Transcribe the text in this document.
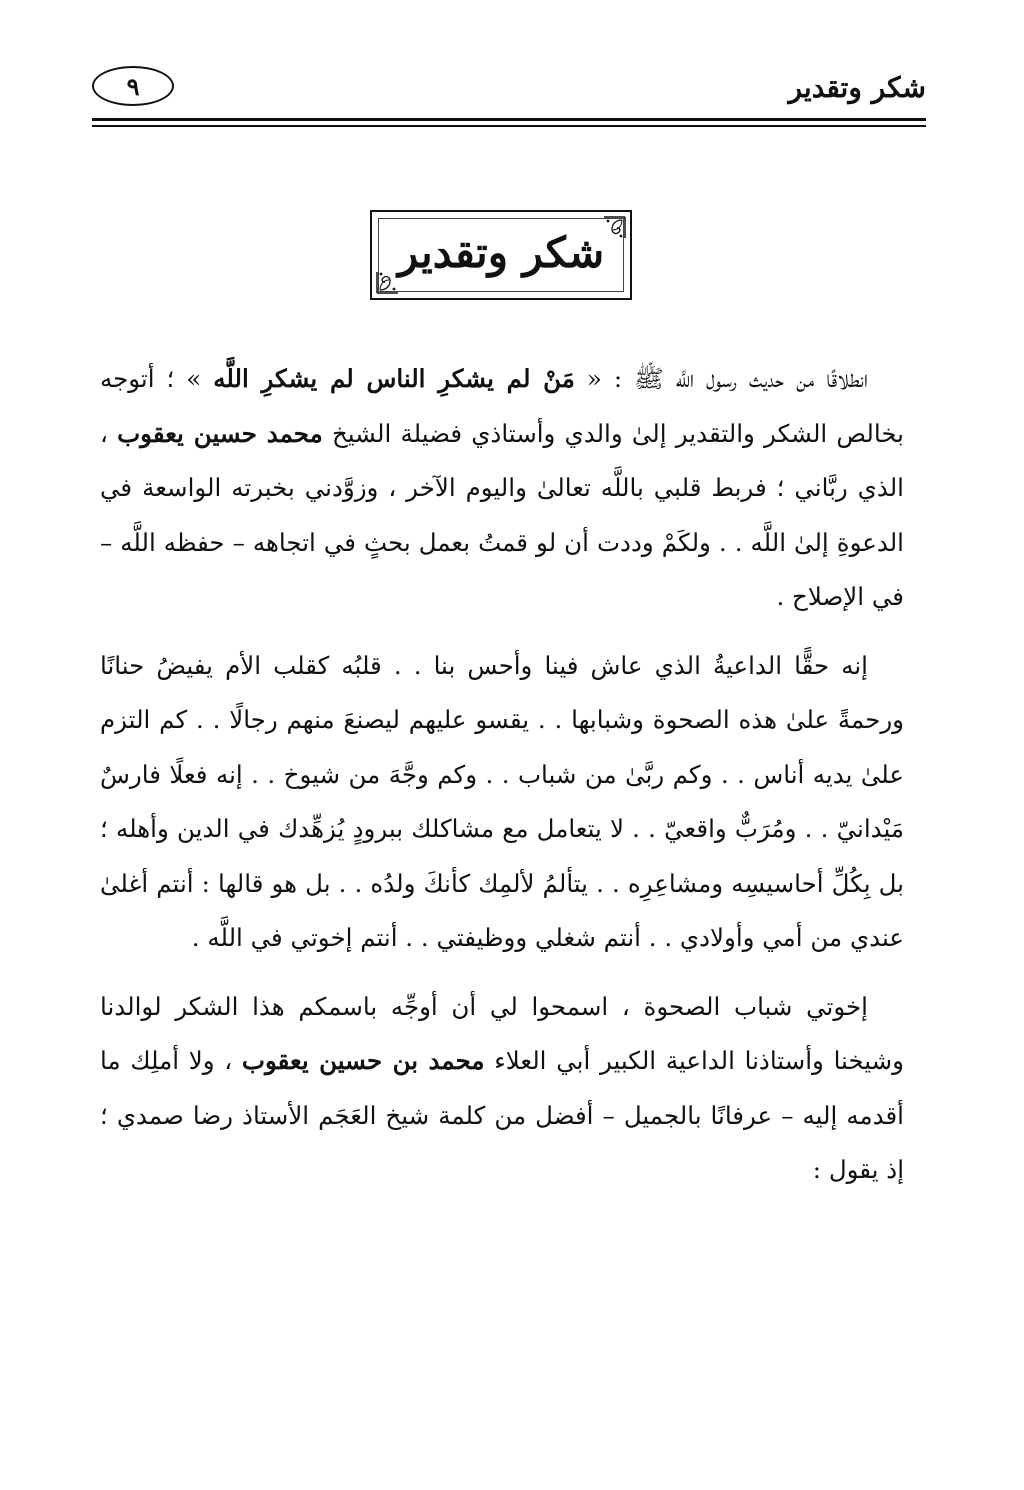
شكر وتقدير
٩
شكر وتقدير

انطلاقًا من حديث رسول اللَّه ﷺ : « مَنْ لم يشكرِ الناس لم يشكرِ اللَّه » ؛ أتوجه بخالص الشكر والتقدير إلىٰ والدي وأستاذي فضيلة الشيخ محمد حسين يعقوب ، الذي ربَّاني ؛ فربط قلبي باللَّه تعالىٰ واليوم الآخر ، وزوَّدني بخبرته الواسعة في الدعوةِ إلىٰ اللَّه . . ولكَمْ وددت أن لو قمتُ بعمل بحثٍ في اتجاهه – حفظه اللَّه – في الإصلاح .

إنه حقًّا الداعيةُ الذي عاش فينا وأحس بنا . . قلبُه كقلب الأم يفيضُ حنانًا ورحمةً علىٰ هذه الصحوة وشبابها . . يقسو عليهم ليصنعَ منهم رجالًا . . كم التزم علىٰ يديه أناس . . وكم ربَّىٰ من شباب . . وكم وجَّهَ من شيوخ . . إنه فعلًا فارسٌ مَيْدانيّ . . ومُرَبٌّ واقعيّ . . لا يتعامل مع مشاكلك ببرودٍ يُزهِّدك في الدين وأهله ؛ بل بِكُلِّ أحاسيسِه ومشاعِرِه . . يتألمُ لألمِك كأنكَ ولدُه . . بل هو قالها : أنتم أغلىٰ عندي من أمي وأولادي . . أنتم شغلي ووظيفتي . . أنتم إخوتي في اللَّه .

إخوتي شباب الصحوة ، اسمحوا لي أن أوجِّه باسمكم هذا الشكر لوالدنا وشيخنا وأستاذنا الداعية الكبير أبي العلاء محمد بن حسين يعقوب ، ولا أملِك ما أقدمه إليه – عرفانًا بالجميل – أفضل من كلمة شيخ العَجَم الأستاذ رضا صمدي ؛ إذ يقول :
